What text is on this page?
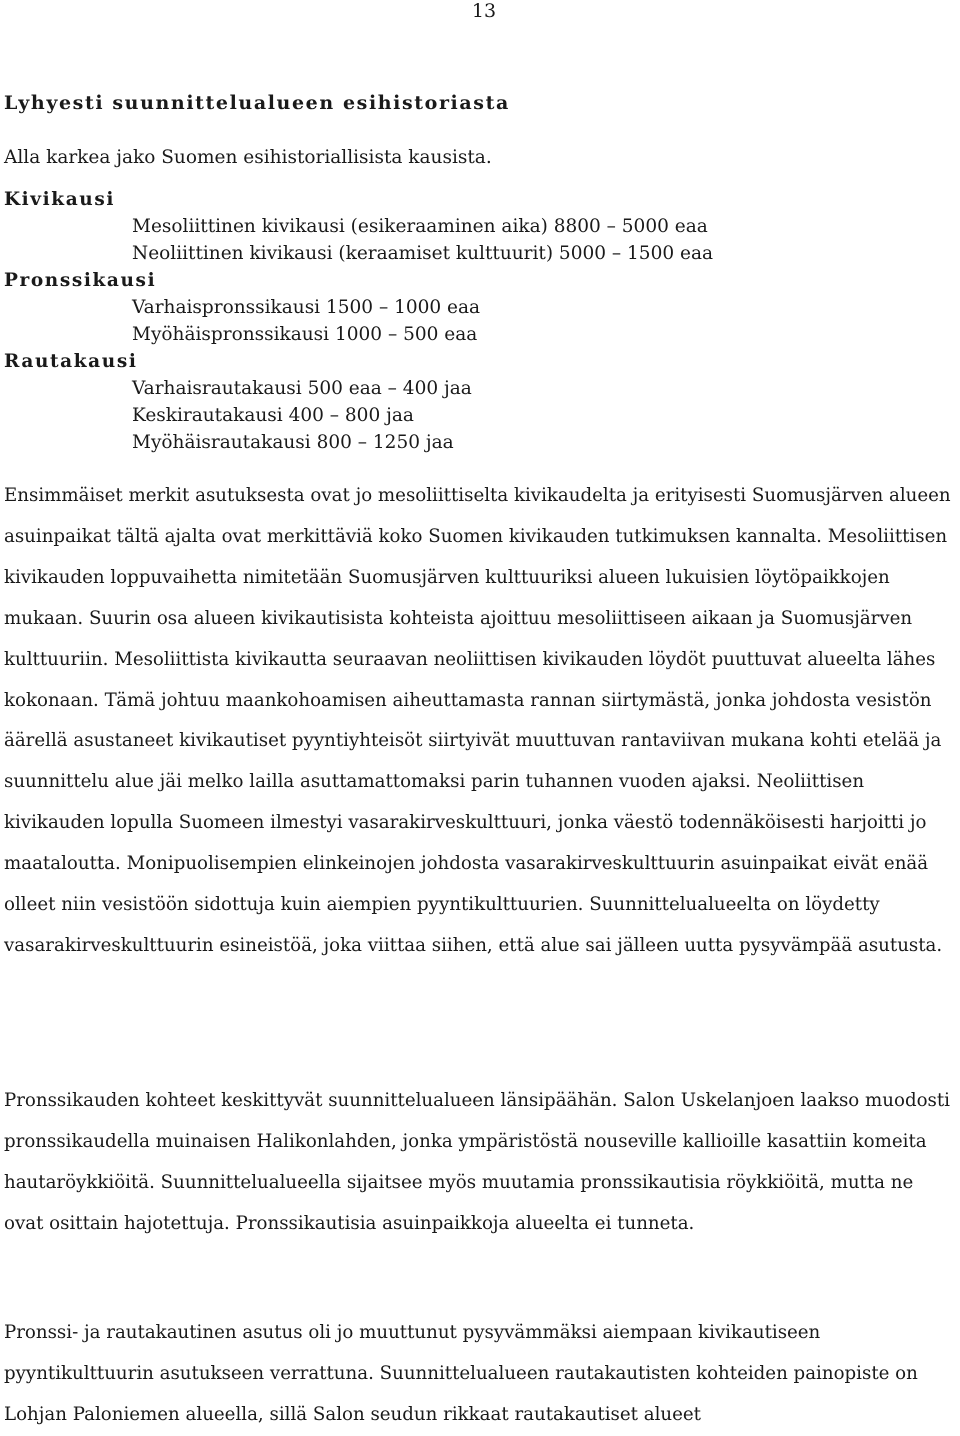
13
Lyhyesti suunnittelualueen esihistoriasta
Alla karkea jako Suomen esihistoriallisista kausista.
Kivikausi
Mesoliittinen kivikausi (esikeraaminen aika) 8800 – 5000 eaa
Neoliittinen kivikausi (keraamiset kulttuurit) 5000 – 1500 eaa
Pronssikausi
Varhaispronssikausi 1500 – 1000 eaa
Myöhäispronssikausi 1000 – 500 eaa
Rautakausi
Varhaisrautakausi 500 eaa – 400 jaa
Keskirautakausi 400 – 800 jaa
Myöhäisrautakausi 800 – 1250 jaa
Ensimmäiset merkit asutuksesta ovat jo mesoliittiselta kivikaudelta ja erityisesti Suomusjärven alueen asuinpaikat tältä ajalta ovat merkittäviä koko Suomen kivikauden tutkimuksen kannalta. Mesoliittisen kivikauden loppuvaihetta nimitetään Suomusjärven kulttuuriksi alueen lukuisien löytöpaikkojen mukaan. Suurin osa alueen kivikautisista kohteista ajoittuu mesoliittiseen aikaan ja Suomusjärven kulttuuriin. Mesoliittista kivikautta seuraavan neoliittisen kivikauden löydöt puuttuvat alueelta lähes kokonaan. Tämä johtuu maankohoamisen aiheuttamasta rannan siirtymästä, jonka johdosta vesistön äärellä asustaneet kivikautiset pyyntiyhteisöt siirtyivät muuttuvan rantaviivan mukana kohti etelää ja suunnittelu alue jäi melko lailla asuttamattomaksi parin tuhannen vuoden ajaksi. Neoliittisen kivikauden lopulla Suomeen ilmestyi vasarakirveskulttuuri, jonka väestö todennäköisesti harjoitti jo maataloutta. Monipuolisempien elinkeinojen johdosta vasarakirveskulttuurin asuinpaikat eivät enää olleet niin vesistöön sidottuja kuin aiempien pyyntikulttuurien. Suunnittelualueelta on löydetty vasarakirveskulttuurin esineistöä, joka viittaa siihen, että alue sai jälleen uutta pysyvämpää asutusta.
Pronssikauden kohteet keskittyvät suunnittelualueen länsipäähän. Salon Uskelanjoen laakso muodosti pronssikaudella muinaisen Halikonlahden, jonka ympäristöstä nouseville kallioille kasattiin komeita hautaröykkiöitä. Suunnittelualueella sijaitsee myös muutamia pronssikautisia röykkiöitä, mutta ne ovat osittain hajotettuja. Pronssikautisia asuinpaikkoja alueelta ei tunneta.
Pronssi- ja rautakautinen asutus oli jo muuttunut pysyvämmäksi aiempaan kivikautiseen pyyntikulttuurin asutukseen verrattuna. Suunnittelualueen rautakautisten kohteiden painopiste on Lohjan Paloniemen alueella, sillä Salon seudun rikkaat rautakautiset alueet
